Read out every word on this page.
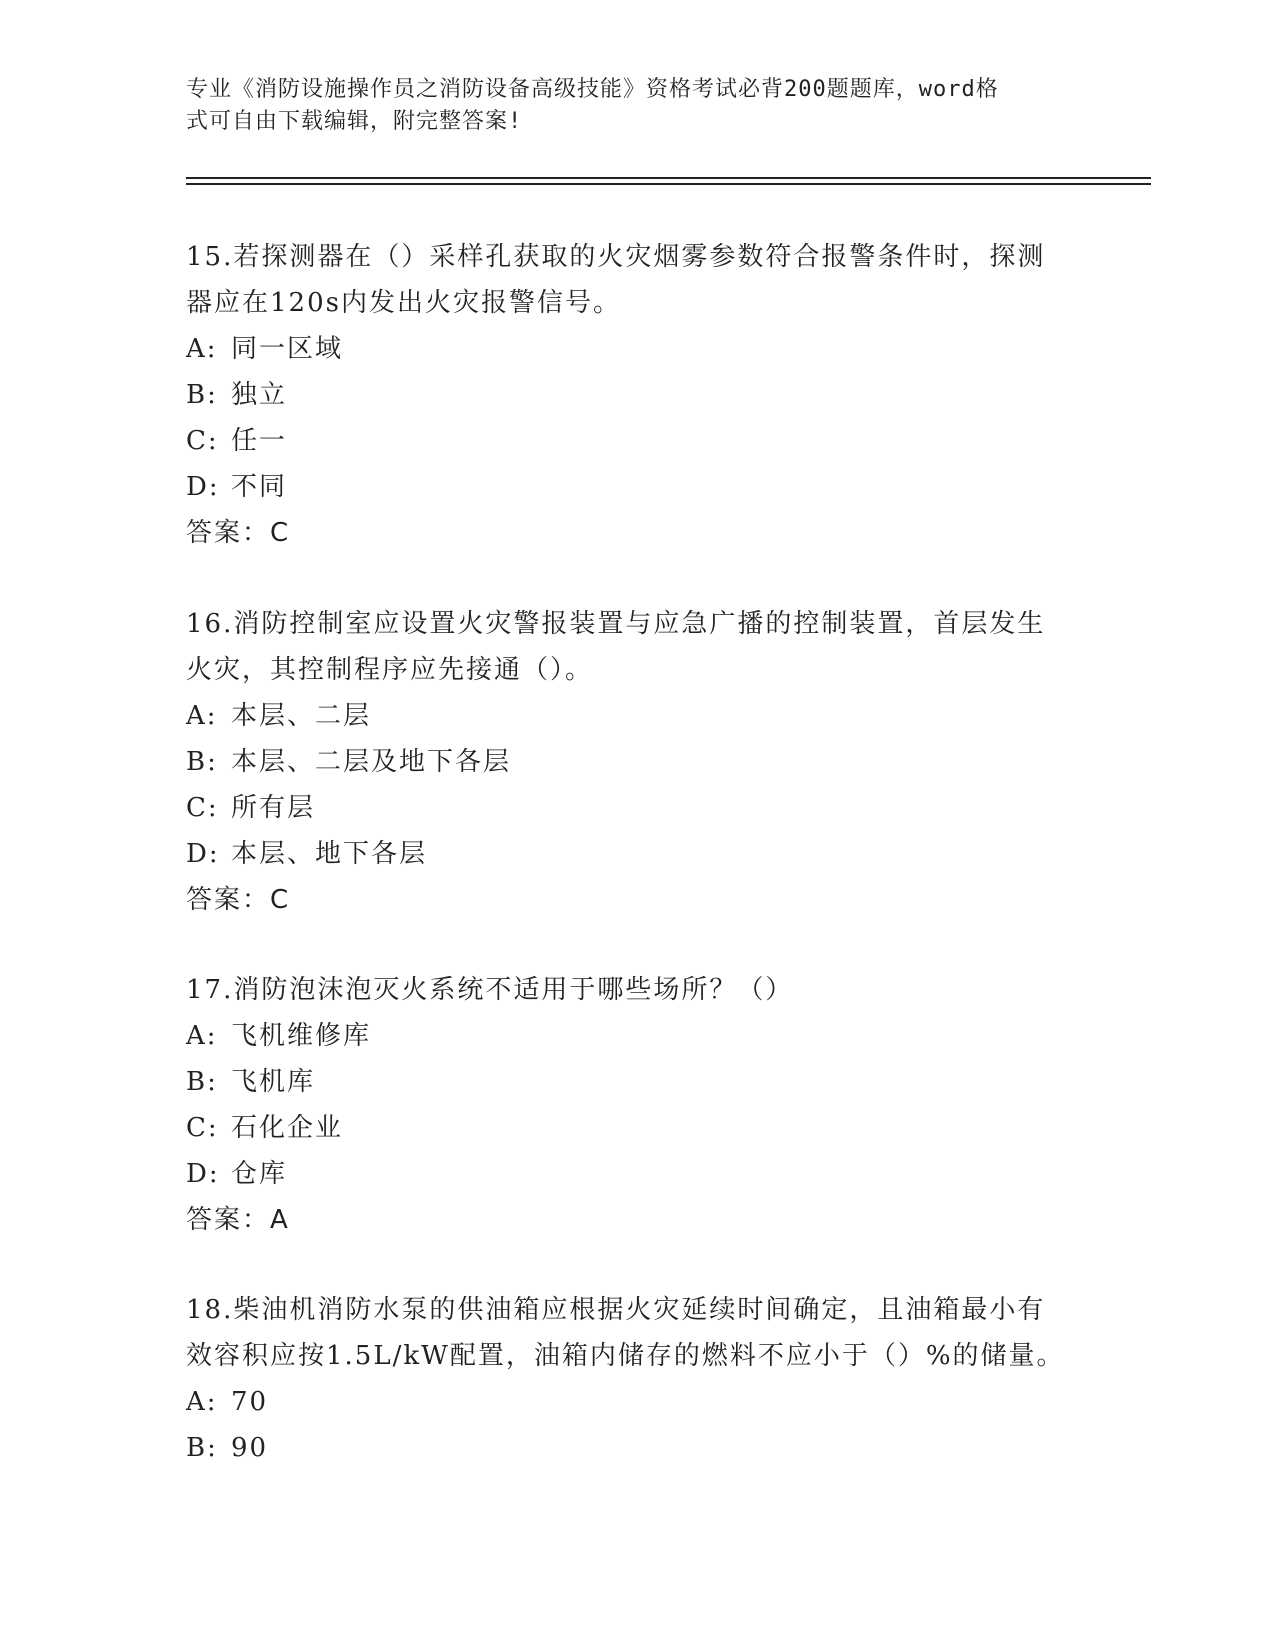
专业《消防设施操作员之消防设备高级技能》资格考试必背200题题库，word格
式可自由下载编辑，附完整答案!
15.若探测器在（）采样孔获取的火灾烟雾参数符合报警条件时，探测
器应在120s内发出火灾报警信号。
A: 同一区域
B: 独立
C: 任一
D: 不同
答案：C
16.消防控制室应设置火灾警报装置与应急广播的控制装置，首层发生
火灾，其控制程序应先接通（）。
A: 本层、二层
B: 本层、二层及地下各层
C: 所有层
D: 本层、地下各层
答案：C
17.消防泡沫泡灭火系统不适用于哪些场所？（）
A: 飞机维修库
B: 飞机库
C: 石化企业
D: 仓库
答案：A
18.柴油机消防水泵的供油箱应根据火灾延续时间确定，且油箱最小有
效容积应按1.5L/kW配置，油箱内储存的燃料不应小于（）%的储量。
A: 70
B: 90
